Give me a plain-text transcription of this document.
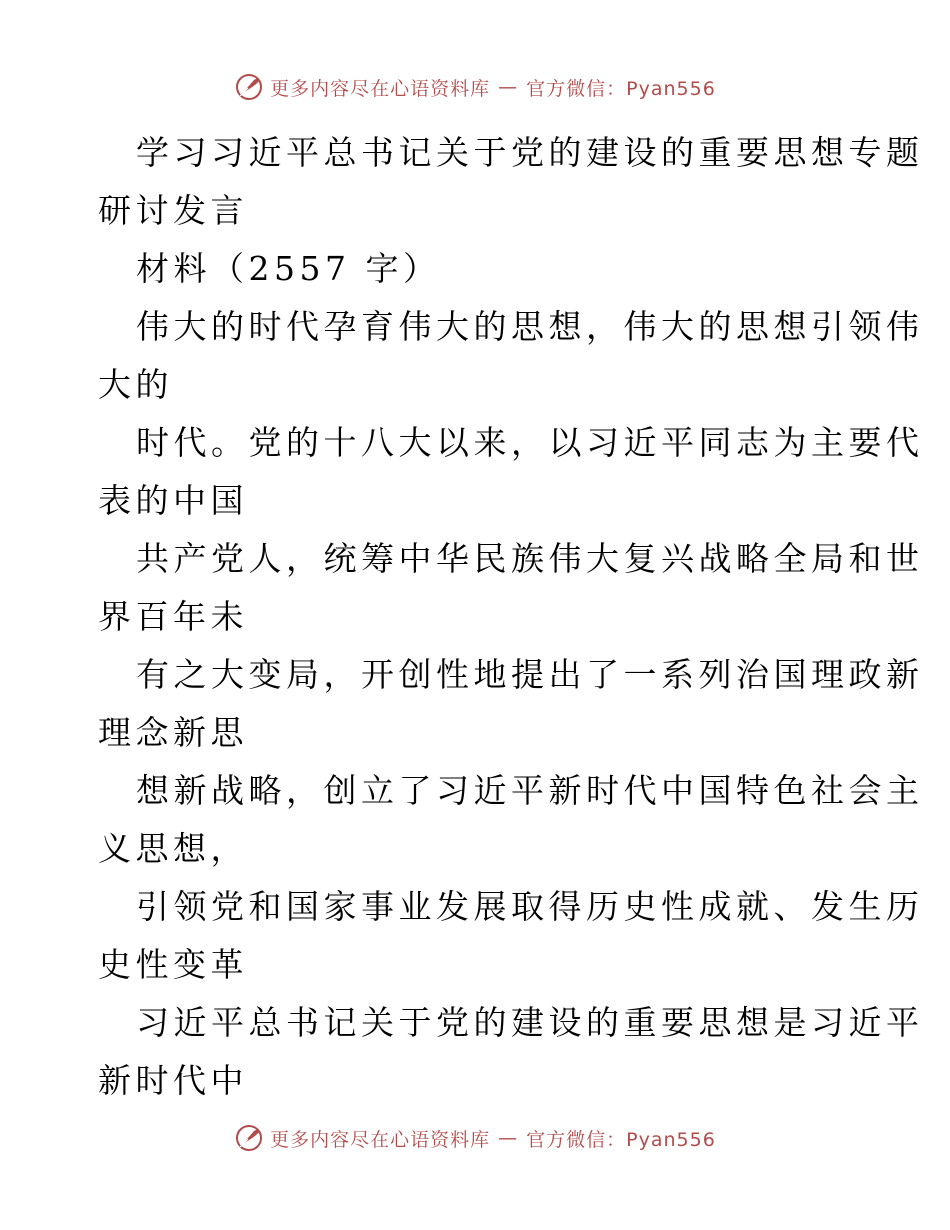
更多内容尽在心语资料库 — 官方微信：Pyan556
学习习近平总书记关于党的建设的重要思想专题
研讨发言
材料（2557 字）
伟大的时代孕育伟大的思想，伟大的思想引领伟
大的
时代。党的十八大以来，以习近平同志为主要代
表的中国
共产党人，统筹中华民族伟大复兴战略全局和世
界百年未
有之大变局，开创性地提出了一系列治国理政新
理念新思
想新战略，创立了习近平新时代中国特色社会主
义思想，
引领党和国家事业发展取得历史性成就、发生历
史性变革
习近平总书记关于党的建设的重要思想是习近平
新时代中
更多内容尽在心语资料库 — 官方微信：Pyan556
